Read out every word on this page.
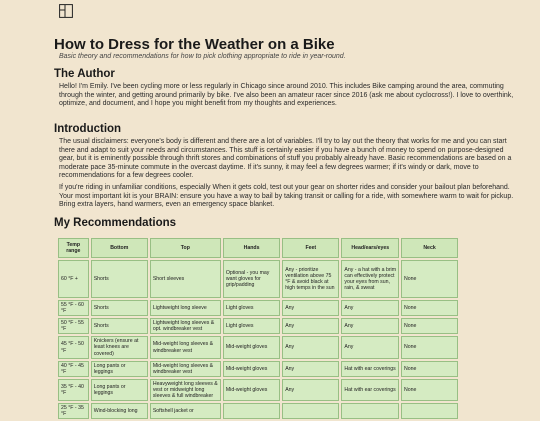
How to Dress for the Weather on a Bike

Basic theory and recommendations for how to pick clothing appropriate to ride in year-round.

The Author

Hello! I'm Emily. I've been cycling more or less regularly in Chicago since around 2010. This includes Bike camping around the area, commuting through the winter, and getting around primarily by bike. I've also been an amateur racer since 2016 (ask me about cyclocross!). I love to overthink, optimize, and document, and I hope you might benefit from my thoughts and experiences.

Introduction

The usual disclaimers: everyone's body is different and there are a lot of variables. I'll try to lay out the theory that works for me and you can start there and adapt to suit your needs and circumstances. This stuff is certainly easier if you have a bunch of money to spend on purpose-designed gear, but it is eminently possible through thrift stores and combinations of stuff you probably already have. Basic recommendations are based on a moderate pace 35-minute commute in the overcast daytime. If it's sunny, it may feel a few degrees warmer; if it's windy or dark, move to recommendations for a few degrees cooler.

If you're riding in unfamiliar conditions, especially When it gets cold, test out your gear on shorter rides and consider your bailout plan beforehand. Your most important kit is your BRAIN: ensure you have a way to bail by taking transit or calling for a ride, with somewhere warm to wait for pickup. Bring extra layers, hand warmers, even an emergency space blanket.

My Recommendations
Temp range	Bottom	Top	Hands	Feet	Head/ears/eyes	Neck
60 °F +	Shorts	Short sleeves	Optional - you may want gloves for grip/padding	Any - prioritize ventilation above 75 °F & avoid black at high temps in the sun	Any - a hat with a brim can effectively protect your eyes from sun, rain, & sweat	None
55 °F - 60 °F	Shorts	Lightweight long sleeve	Light gloves	Any	Any	None
50 °F - 55 °F	Shorts	Lightweight long sleeves & opt. windbreaker vest	Light gloves	Any	Any	None
45 °F - 50 °F	Knickers (ensure at least knees are covered)	Mid-weight long sleeves & windbreaker vest	Mid-weight gloves	Any	Any	None
40 °F - 45 °F	Long pants or leggings	Mid-weight long sleeves & windbreaker vest	Mid-weight gloves	Any	Hat with ear coverings	None
35 °F - 40 °F	Long pants or leggings	Heavyweight long sleeves & vest or midweight long sleeves & full windbreaker	Mid-weight gloves	Any	Hat with ear coverings	None
25 °F - 35 °F	Wind-blocking long	Softshell jacket or				
